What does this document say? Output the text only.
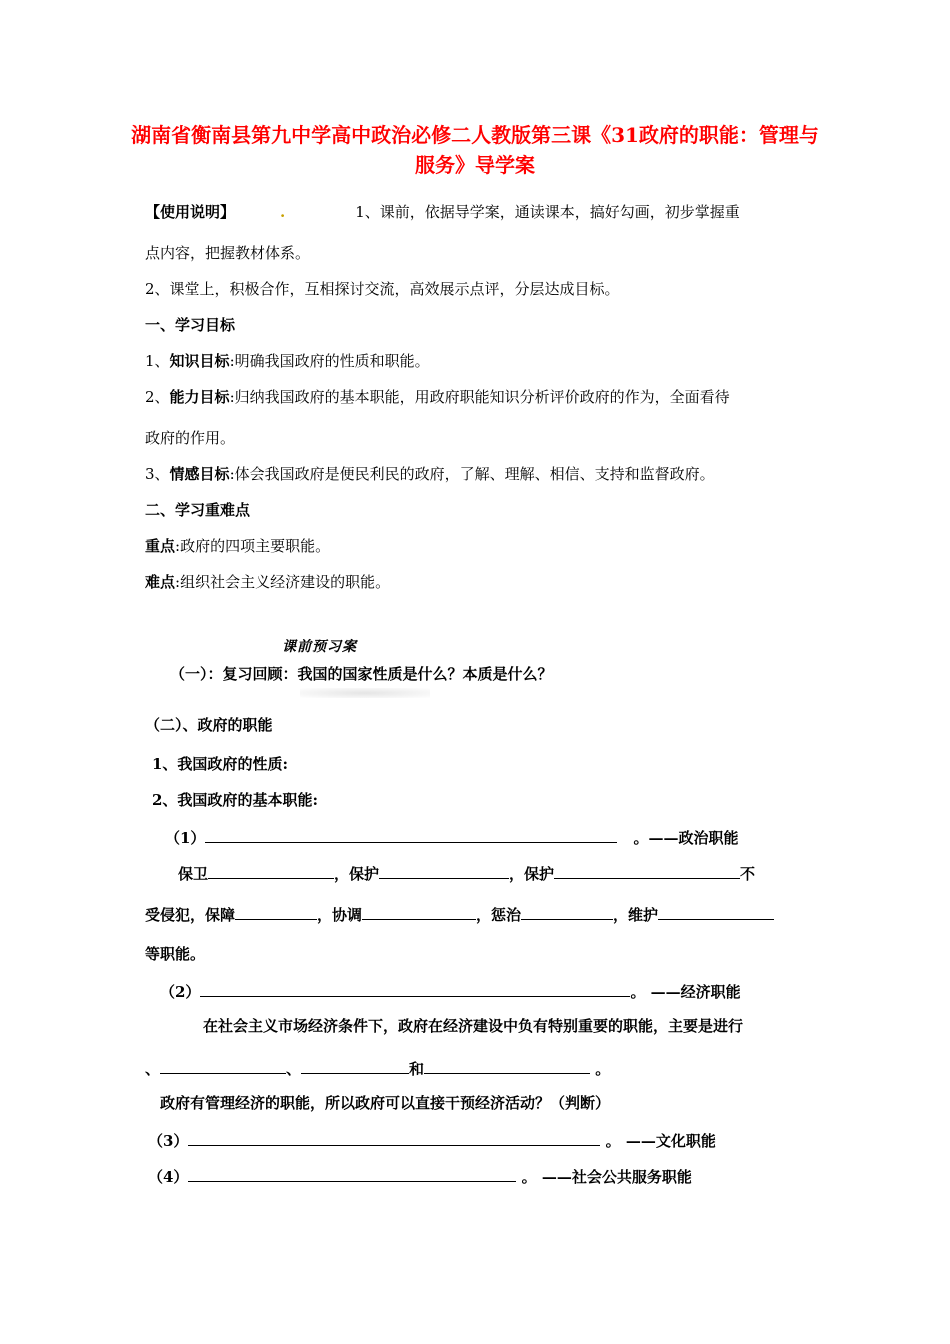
湖南省衡南县第九中学高中政治必修二人教版第三课《31政府的职能：管理与服务》导学案
【使用说明】	.	1、课前，依据导学案，通读课本，搞好勾画，初步掌握重
点内容，把握教材体系。
2、课堂上，积极合作，互相探讨交流，高效展示点评，分层达成目标。
一、学习目标
1、知识目标:明确我国政府的性质和职能。
2、能力目标:归纳我国政府的基本职能，用政府职能知识分析评价政府的作为，全面看待
政府的作用。
3、情感目标:体会我国政府是便民利民的政府，了解、理解、相信、支持和监督政府。
二、学习重难点
重点:政府的四项主要职能。
难点:组织社会主义经济建设的职能。
课前预习案
（一）：复习回顾：我国的国家性质是什么？本质是什么？
（二）、政府的职能
1、我国政府的性质:
2、我国政府的基本职能:
（1）	。——政治职能
保卫	，保护	，保护	不
受侵犯，保障	，协调	，惩治	，维护
等职能。
（2）	。 ——经济职能
在社会主义市场经济条件下，政府在经济建设中负有特别重要的职能，主要是进行
、	、	和	。
政府有管理经济的职能，所以政府可以直接干预经济活动？（判断）
（3）	。 ——文化职能
（4）	。 ——社会公共服务职能
